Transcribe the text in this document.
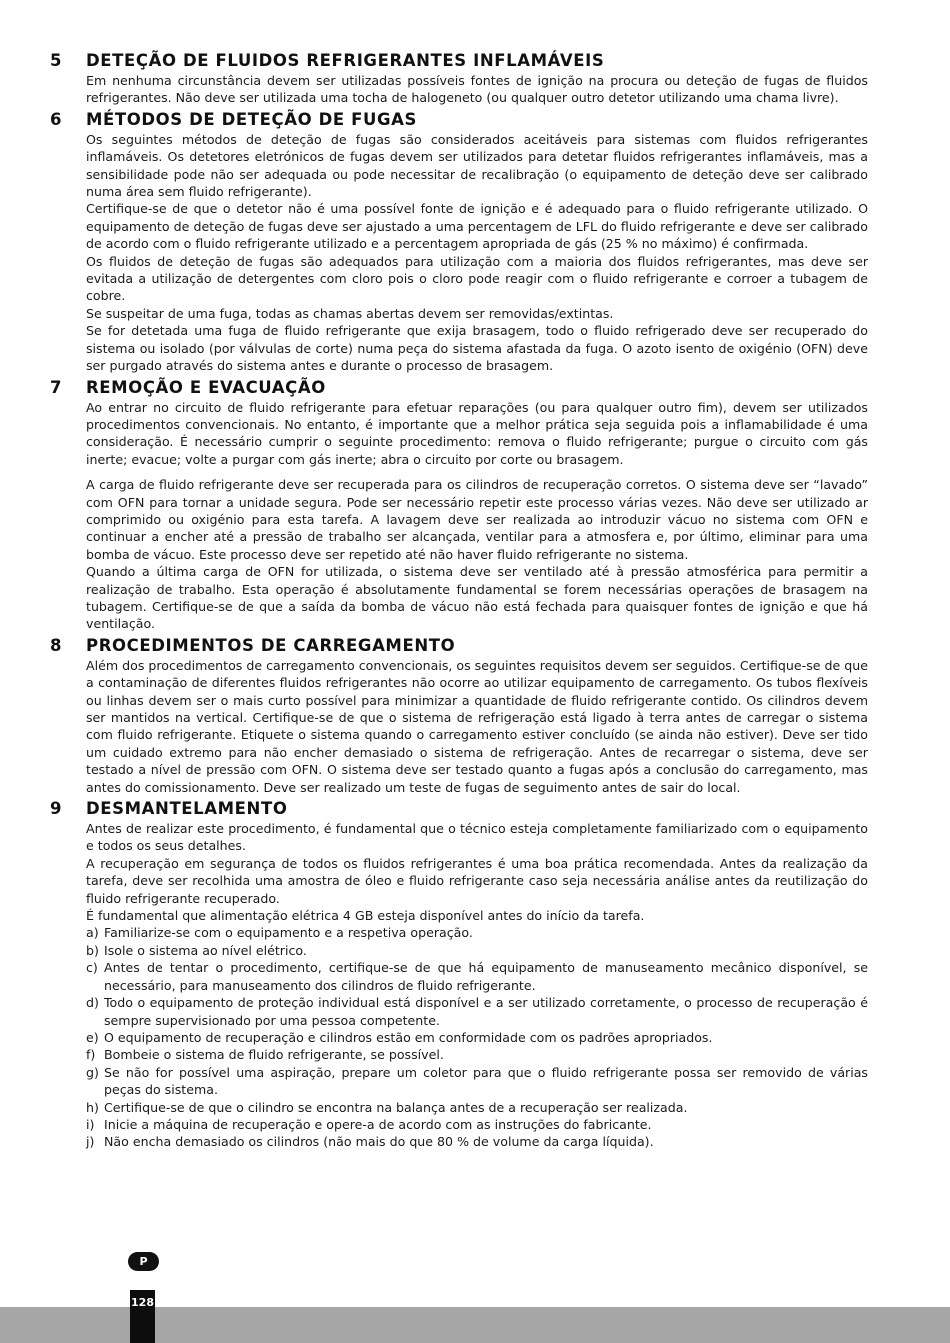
5	DETEÇÃO DE FLUIDOS REFRIGERANTES INFLAMÁVEIS

Em nenhuma circunstância devem ser utilizadas possíveis fontes de ignição na procura ou deteção de fugas de fluidos refrigerantes. Não deve ser utilizada uma tocha de halogeneto (ou qualquer outro detetor utilizando uma chama livre).

6	MÉTODOS DE DETEÇÃO DE FUGAS

Os seguintes métodos de deteção de fugas são considerados aceitáveis para sistemas com fluidos refrigerantes inflamáveis. Os detetores eletrónicos de fugas devem ser utilizados para detetar fluidos refrigerantes inflamáveis, mas a sensibilidade pode não ser adequada ou pode necessitar de recalibração (o equipamento de deteção deve ser calibrado numa área sem fluido refrigerante).

Certifique-se de que o detetor não é uma possível fonte de ignição e é adequado para o fluido refrigerante utilizado. O equipamento de deteção de fugas deve ser ajustado a uma percentagem de LFL do fluido refrigerante e deve ser calibrado de acordo com o fluido refrigerante utilizado e a percentagem apropriada de gás (25 % no máximo) é confirmada.

Os fluidos de deteção de fugas são adequados para utilização com a maioria dos fluidos refrigerantes, mas deve ser evitada a utilização de detergentes com cloro pois o cloro pode reagir com o fluido refrigerante e corroer a tubagem de cobre.

Se suspeitar de uma fuga, todas as chamas abertas devem ser removidas/extintas.

Se for detetada uma fuga de fluido refrigerante que exija brasagem, todo o fluido refrigerado deve ser recuperado do sistema ou isolado (por válvulas de corte) numa peça do sistema afastada da fuga. O azoto isento de oxigénio (OFN) deve ser purgado através do sistema antes e durante o processo de brasagem.

7	REMOÇÃO E EVACUAÇÃO

Ao entrar no circuito de fluido refrigerante para efetuar reparações (ou para qualquer outro fim), devem ser utilizados procedimentos convencionais. No entanto, é importante que a melhor prática seja seguida pois a inflamabilidade é uma consideração. É necessário cumprir o seguinte procedimento: remova o fluido refrigerante; purgue o circuito com gás inerte; evacue; volte a purgar com gás inerte; abra o circuito por corte ou brasagem.

A carga de fluido refrigerante deve ser recuperada para os cilindros de recuperação corretos. O sistema deve ser “lavado” com OFN para tornar a unidade segura. Pode ser necessário repetir este processo várias vezes. Não deve ser utilizado ar comprimido ou oxigénio para esta tarefa. A lavagem deve ser realizada ao introduzir vácuo no sistema com OFN e continuar a encher até a pressão de trabalho ser alcançada, ventilar para a atmosfera e, por último, eliminar para uma bomba de vácuo. Este processo deve ser repetido até não haver fluido refrigerante no sistema.

Quando a última carga de OFN for utilizada, o sistema deve ser ventilado até à pressão atmosférica para permitir a realização de trabalho. Esta operação é absolutamente fundamental se forem necessárias operações de brasagem na tubagem. Certifique-se de que a saída da bomba de vácuo não está fechada para quaisquer fontes de ignição e que há ventilação.

8	PROCEDIMENTOS DE CARREGAMENTO

Além dos procedimentos de carregamento convencionais, os seguintes requisitos devem ser seguidos. Certifique-se de que a contaminação de diferentes fluidos refrigerantes não ocorre ao utilizar equipamento de carregamento. Os tubos flexíveis ou linhas devem ser o mais curto possível para minimizar a quantidade de fluido refrigerante contido. Os cilindros devem ser mantidos na vertical. Certifique-se de que o sistema de refrigeração está ligado à terra antes de carregar o sistema com fluido refrigerante. Etiquete o sistema quando o carregamento estiver concluído (se ainda não estiver). Deve ser tido um cuidado extremo para não encher demasiado o sistema de refrigeração. Antes de recarregar o sistema, deve ser testado a nível de pressão com OFN. O sistema deve ser testado quanto a fugas após a conclusão do carregamento, mas antes do comissionamento. Deve ser realizado um teste de fugas de seguimento antes de sair do local.

9	DESMANTELAMENTO

Antes de realizar este procedimento, é fundamental que o técnico esteja completamente familiarizado com o equipamento e todos os seus detalhes.

A recuperação em segurança de todos os fluidos refrigerantes é uma boa prática recomendada. Antes da realização da tarefa, deve ser recolhida uma amostra de óleo e fluido refrigerante caso seja necessária análise antes da reutilização do fluido refrigerante recuperado.

É fundamental que alimentação elétrica 4 GB esteja disponível antes do início da tarefa.

a) Familiarize-se com o equipamento e a respetiva operação.
b) Isole o sistema ao nível elétrico.
c) Antes de tentar o procedimento, certifique-se de que há equipamento de manuseamento mecânico disponível, se necessário, para manuseamento dos cilindros de fluido refrigerante.
d) Todo o equipamento de proteção individual está disponível e a ser utilizado corretamente, o processo de recuperação é sempre supervisionado por uma pessoa competente.
e) O equipamento de recuperação e cilindros estão em conformidade com os padrões apropriados.
f) Bombeie o sistema de fluido refrigerante, se possível.
g) Se não for possível uma aspiração, prepare um coletor para que o fluido refrigerante possa ser removido de várias peças do sistema.
h) Certifique-se de que o cilindro se encontra na balança antes de a recuperação ser realizada.
i) Inicie a máquina de recuperação e opere-a de acordo com as instruções do fabricante.
j) Não encha demasiado os cilindros (não mais do que 80 % de volume da carga líquida).
P
128
